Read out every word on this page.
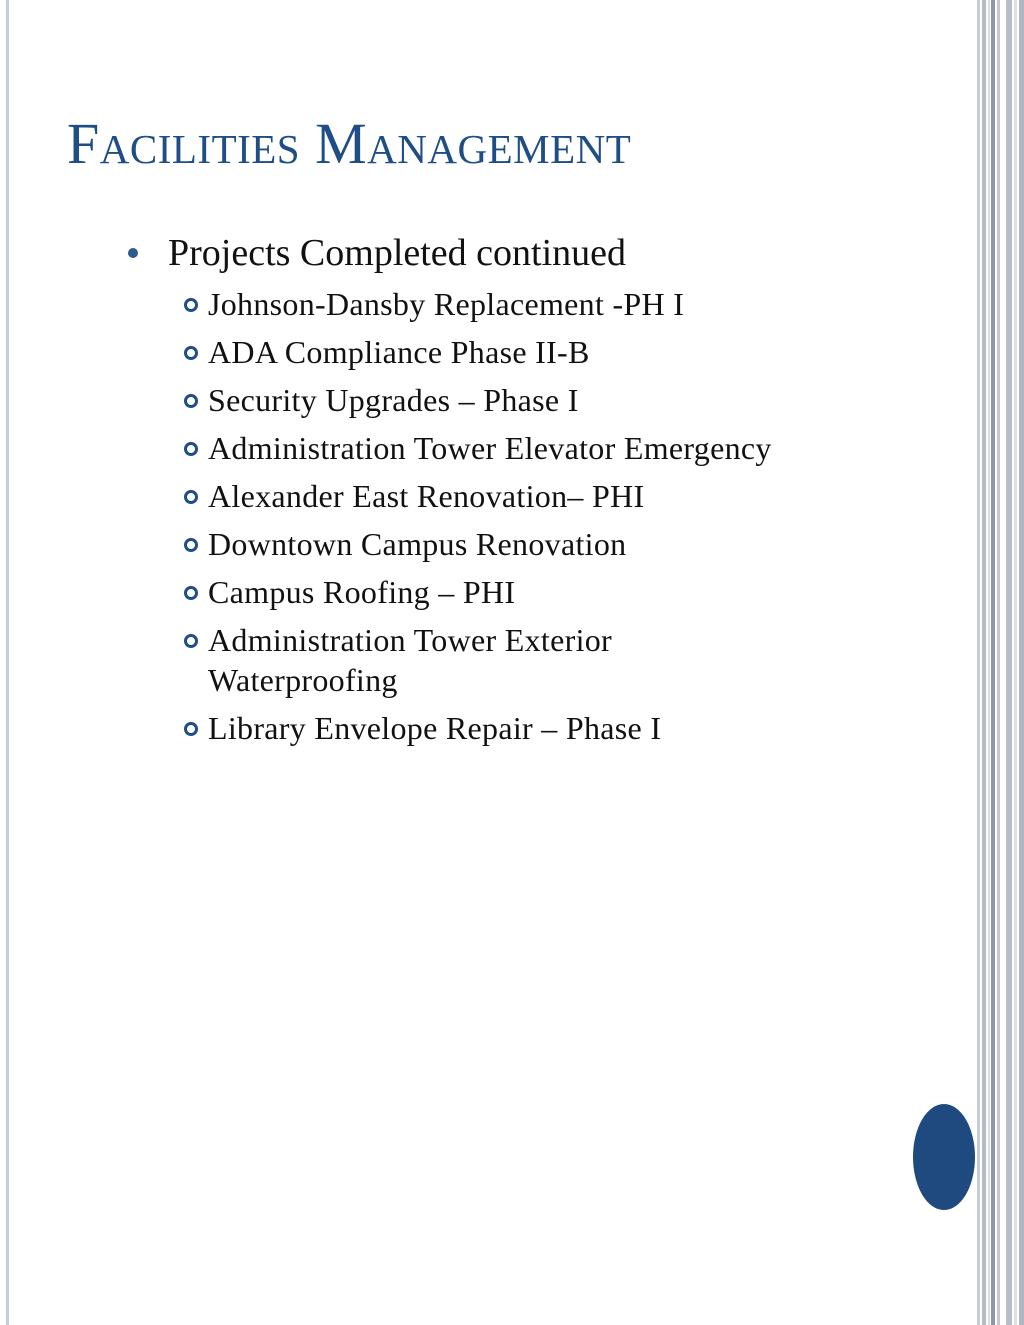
Facilities Management
Projects Completed continued
Johnson-Dansby Replacement -PH I
ADA Compliance Phase II-B
Security Upgrades – Phase I
Administration Tower Elevator Emergency
Alexander East Renovation– PHI
Downtown Campus Renovation
Campus Roofing – PHI
Administration Tower Exterior Waterproofing
Library Envelope Repair – Phase I
